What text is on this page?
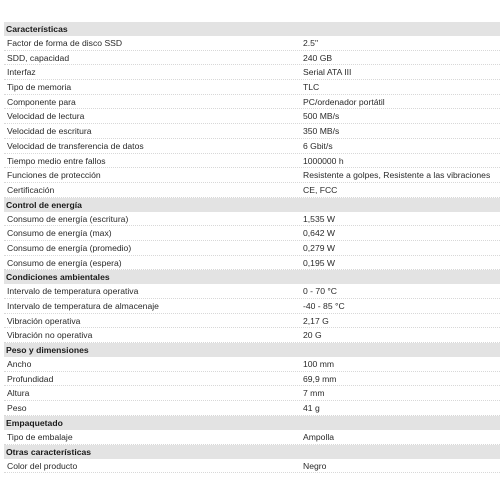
Características
Factor de forma de disco SSD	2.5"
SDD, capacidad	240 GB
Interfaz	Serial ATA III
Tipo de memoria	TLC
Componente para	PC/ordenador portátil
Velocidad de lectura	500 MB/s
Velocidad de escritura	350 MB/s
Velocidad de transferencia de datos	6 Gbit/s
Tiempo medio entre fallos	1000000 h
Funciones de protección	Resistente a golpes, Resistente a las vibraciones
Certificación	CE, FCC
Control de energía
Consumo de energía (escritura)	1,535 W
Consumo de energía (max)	0,642 W
Consumo de energía (promedio)	0,279 W
Consumo de energía (espera)	0,195 W
Condiciones ambientales
Intervalo de temperatura operativa	0 - 70 °C
Intervalo de temperatura de almacenaje	-40 - 85 °C
Vibración operativa	2,17 G
Vibración no operativa	20 G
Peso y dimensiones
Ancho	100 mm
Profundidad	69,9 mm
Altura	7 mm
Peso	41 g
Empaquetado
Tipo de embalaje	Ampolla
Otras características
Color del producto	Negro
